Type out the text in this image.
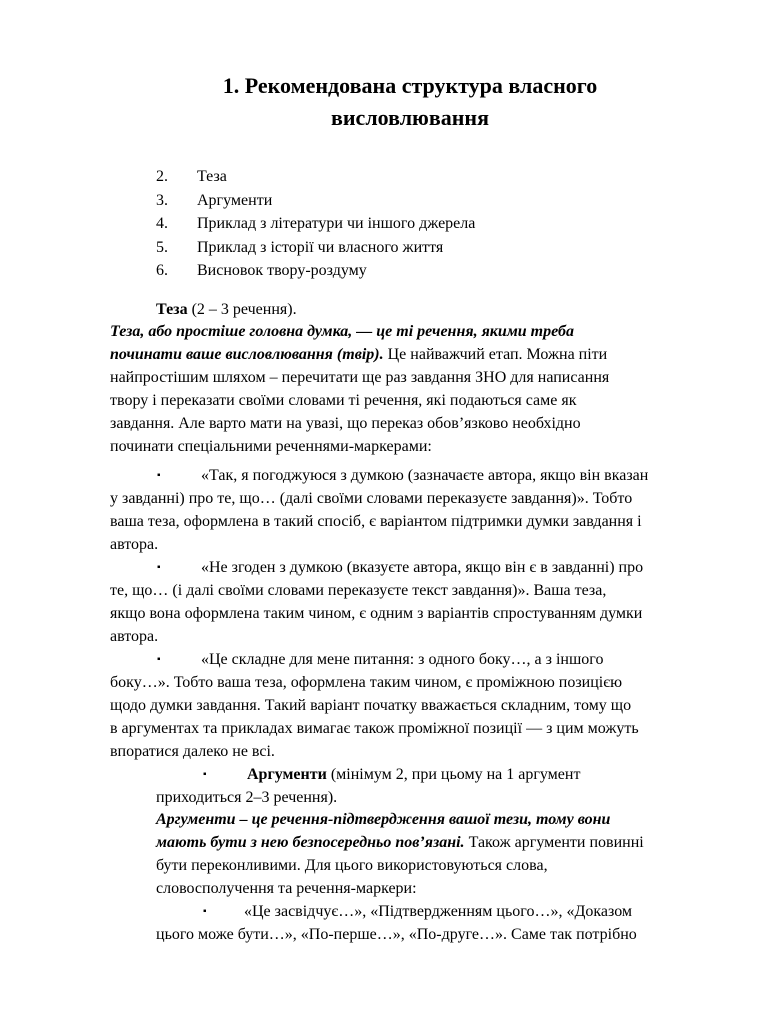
1. Рекомендована структура власного
висловлювання
2. Теза
3. Аргументи
4. Приклад з літератури чи іншого джерела
5. Приклад з історії чи власного життя
6. Висновок твору-роздуму
Теза (2 – 3 речення).
Теза, або простіше головна думка, — це ті речення, якими треба
починати ваше висловлювання (твір). Це найважчий етап. Можна піти
найпростішим шляхом – перечитати ще раз завдання ЗНО для написання
твору і переказати своїми словами ті речення, які подаються саме як
завдання. Але варто мати на увазі, що переказ обов’язково необхідно
починати спеціальними реченнями-маркерами:
▪	«Так, я погоджуюся з думкою (зазначаєте автора, якщо він вказан
у завданні) про те, що… (далі своїми словами переказуєте завдання)». Тобто
ваша теза, оформлена в такий спосіб, є варіантом підтримки думки завдання і
автора.
▪	«Не згоден з думкою (вказуєте автора, якщо він є в завданні) про
те, що… (і далі своїми словами переказуєте текст завдання)». Ваша теза,
якщо вона оформлена таким чином, є одним з варіантів спростуванням думки
автора.
▪	«Це складне для мене питання: з одного боку…, а з іншого
боку…». Тобто ваша теза, оформлена таким чином, є проміжною позицією
щодо думки завдання. Такий варіант початку вважається складним, тому що
в аргументах та прикладах вимагає також проміжної позиції — з цим можуть
впоратися далеко не всі.
▪	Аргументи (мінімум 2, при цьому на 1 аргумент
приходиться 2–3 речення).
Аргументи – це речення-підтвердження вашої тези, тому вони
мають бути з нею безпосередньо пов’язані. Також аргументи повинні
бути переконливими. Для цього використовуються слова,
словосполучення та речення-маркери:
▪ «Це засвідчує…», «Підтвердженням цього…», «Доказом
цього може бути…», «По-перше…», «По-друге…». Саме так потрібно
